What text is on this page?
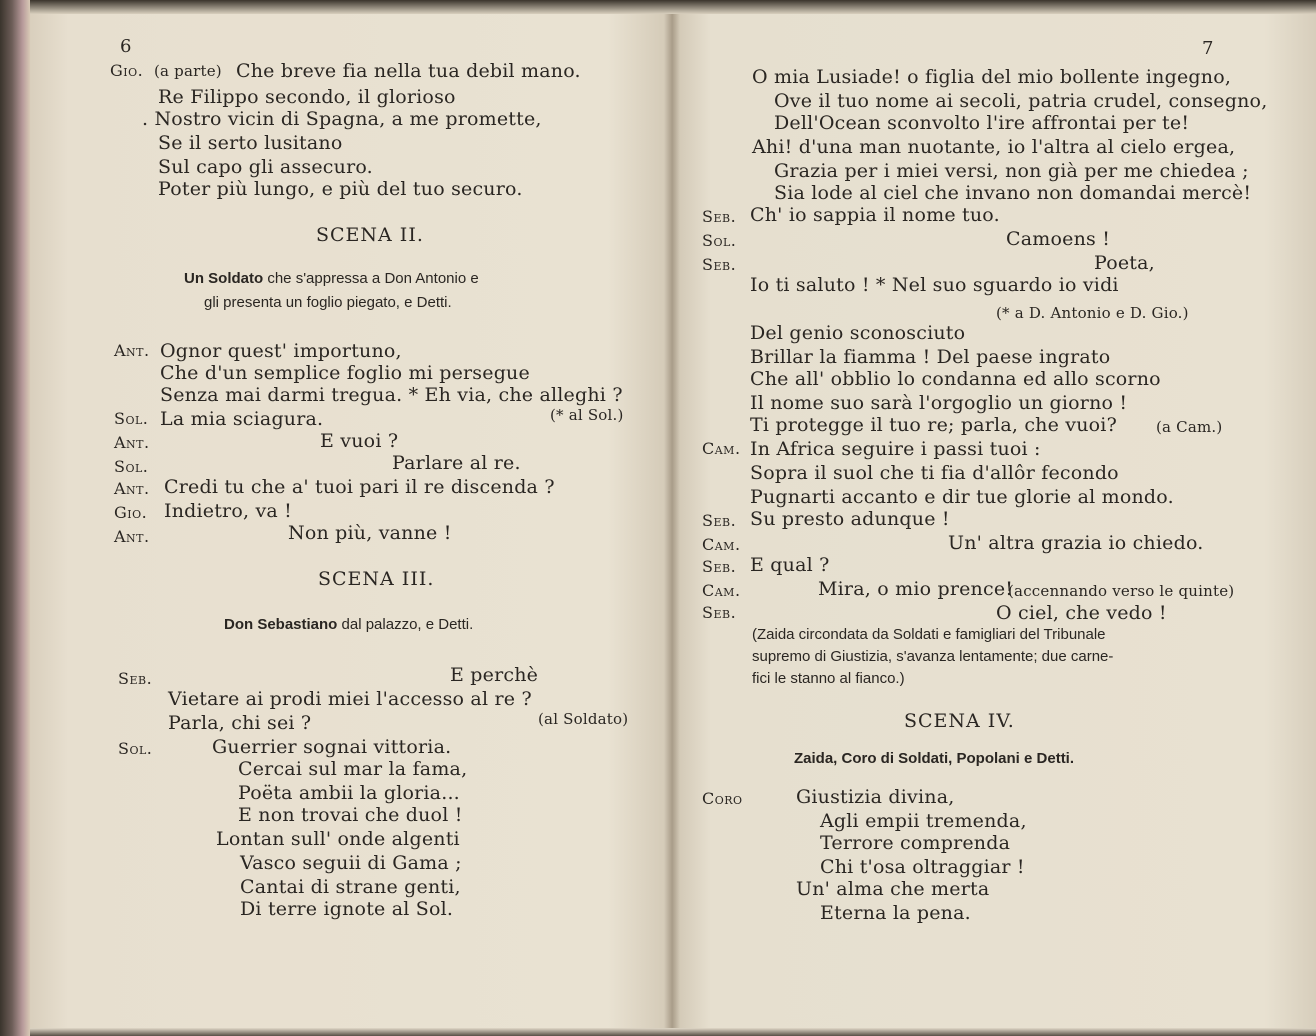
6
Gio. (a parte) Che breve fia nella tua debil mano.
Re Filippo secondo, il glorioso
. Nostro vicin di Spagna, a me promette,
Se il serto lusitano
Sul capo gli assecuro.
Poter più lungo, e più del tuo securo.
SCENA II.
Un Soldato che s'appressa a Don Antonio e
gli presenta un foglio piegato, e Detti.
Ant. Ognor quest' importuno,
Che d'un semplice foglio mi persegue
Senza mai darmi tregua. * Eh via, che alleghi ?
Sol. La mia sciagura.	(* al Sol.)
Ant.	E vuoi ?
Sol.	Parlare al re.
Ant. Credi tu che a' tuoi pari il re discenda ?
Gio. Indietro, va !
Ant.	Non più, vanne !
SCENA III.
Don Sebastiano dal palazzo, e Detti.
Seb.	E perchè
Vietare ai prodi miei l'accesso al re ?
Parla, chi sei ?	(al Soldato)
Sol.	Guerrier sognai vittoria.
Cercai sul mar la fama,
Poëta ambii la gloria...
E non trovai che duol !
Lontan sull' onde algenti
Vasco seguii di Gama ;
Cantai di strane genti,
Di terre ignote al Sol.
7
O mia Lusiade! o figlia del mio bollente ingegno,
Ove il tuo nome ai secoli, patria crudel, consegno,
Dell'Ocean sconvolto l'ire affrontai per te!
Ahi! d'una man nuotante, io l'altra al cielo ergea,
Grazia per i miei versi, non già per me chiedea ;
Sia lode al ciel che invano non domandai mercè!
Seb. Ch' io sappia il nome tuo.
Sol.	Camoens !
Seb.	Poeta,
Io ti saluto ! * Nel suo sguardo io vidi
(* a D. Antonio e D. Gio.)
Del genio sconosciuto
Brillar la fiamma ! Del paese ingrato
Che all' obblio lo condanna ed allo scorno
Il nome suo sarà l'orgoglio un giorno !
Ti protegge il tuo re; parla, che vuoi?	(a Cam.)
Cam. In Africa seguire i passi tuoi :
Sopra il suol che ti fia d'allôr fecondo
Pugnarti accanto e dir tue glorie al mondo.
Seb. Su presto adunque !
Cam.	Un' altra grazia io chiedo.
Seb. E qual ?
Cam.	Mira, o mio prence!
(accennando verso le quinte)
Seb.	O ciel, che vedo !
(Zaida circondata da Soldati e famigliari del Tribunale
supremo di Giustizia, s'avanza lentamente; due carne-
fici le stanno al fianco.)
SCENA IV.
Zaida, Coro di Soldati, Popolani e Detti.
Coro	Giustizia divina,
Agli empii tremenda,
Terrore comprenda
Chi t'osa oltraggiar !
Un' alma che merta
Eterna la pena.
